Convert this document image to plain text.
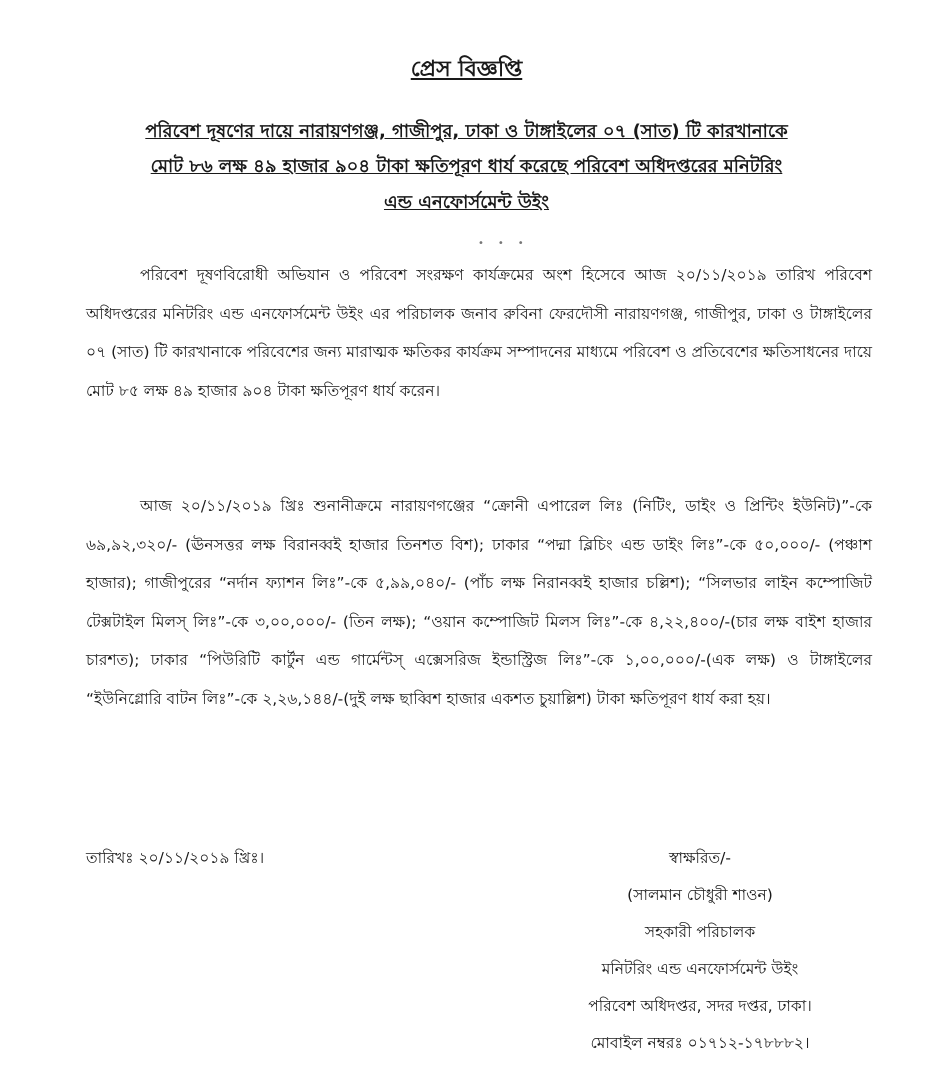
প্রেস বিজ্ঞপ্তি
পরিবেশ দূষণের দায়ে নারায়ণগঞ্জ, গাজীপুর, ঢাকা ও টাঙ্গাইলের ০৭ (সাত) টি কারখানাকে
মোট ৮৬ লক্ষ ৪৯ হাজার ৯০৪ টাকা ক্ষতিপূরণ ধার্য করেছে পরিবেশ অধিদপ্তরের মনিটরিং
এন্ড এনফোর্সমেন্ট উইং
•••

পরিবেশ দূষণবিরোধী অভিযান ও পরিবেশ সংরক্ষণ কার্যক্রমের অংশ হিসেবে আজ ২০/১১/২০১৯ তারিখ পরিবেশ অধিদপ্তরের মনিটরিং এন্ড এনফোর্সমেন্ট উইং এর পরিচালক জনাব রুবিনা ফেরদৌসী নারায়ণগঞ্জ, গাজীপুর, ঢাকা ও টাঙ্গাইলের ০৭ (সাত) টি কারখানাকে পরিবেশের জন্য মারাত্মক ক্ষতিকর কার্যক্রম সম্পাদনের মাধ্যমে পরিবেশ ও প্রতিবেশের ক্ষতিসাধনের দায়ে মোট ৮৫ লক্ষ ৪৯ হাজার ৯০৪ টাকা ক্ষতিপূরণ ধার্য করেন।

আজ ২০/১১/২০১৯ খ্রিঃ শুনানীক্রমে নারায়ণগঞ্জের “ক্রোনী এপারেল লিঃ (নিটিং, ডাইং ও প্রিন্টিং ইউনিট)”-কে ৬৯,৯২,৩২০/- (ঊনসত্তর লক্ষ বিরানব্বই হাজার তিনশত বিশ); ঢাকার “পদ্মা ব্লিচিং এন্ড ডাইং লিঃ”-কে ৫০,০০০/- (পঞ্চাশ হাজার); গাজীপুরের “নর্দান ফ্যাশন লিঃ”-কে ৫,৯৯,০৪০/- (পাঁচ লক্ষ নিরানব্বই হাজার চল্লিশ); “সিলভার লাইন কম্পোজিট টেক্সটাইল মিলস্ লিঃ”-কে ৩,০০,০০০/- (তিন লক্ষ); “ওয়ান কম্পোজিট মিলস লিঃ”-কে ৪,২২,৪০০/-(চার লক্ষ বাইশ হাজার চারশত); ঢাকার “পিউরিটি কার্টুন এন্ড গার্মেন্টস্ এক্সেসরিজ ইন্ডাস্ট্রিজ লিঃ”-কে ১,০০,০০০/-(এক লক্ষ) ও টাঙ্গাইলের “ইউনিগ্লোরি বাটন লিঃ”-কে ২,২৬,১৪৪/-(দুই লক্ষ ছাব্বিশ হাজার একশত চুয়াল্লিশ) টাকা ক্ষতিপূরণ ধার্য করা হয়।

তারিখঃ ২০/১১/২০১৯ খ্রিঃ।	স্বাক্ষরিত/-
(সালমান চৌধুরী শাওন)
সহকারী পরিচালক
মনিটরিং এন্ড এনফোর্সমেন্ট উইং
পরিবেশ অধিদপ্তর, সদর দপ্তর, ঢাকা।
মোবাইল নম্বরঃ ০১৭১২-১৭৮৮৮২।
